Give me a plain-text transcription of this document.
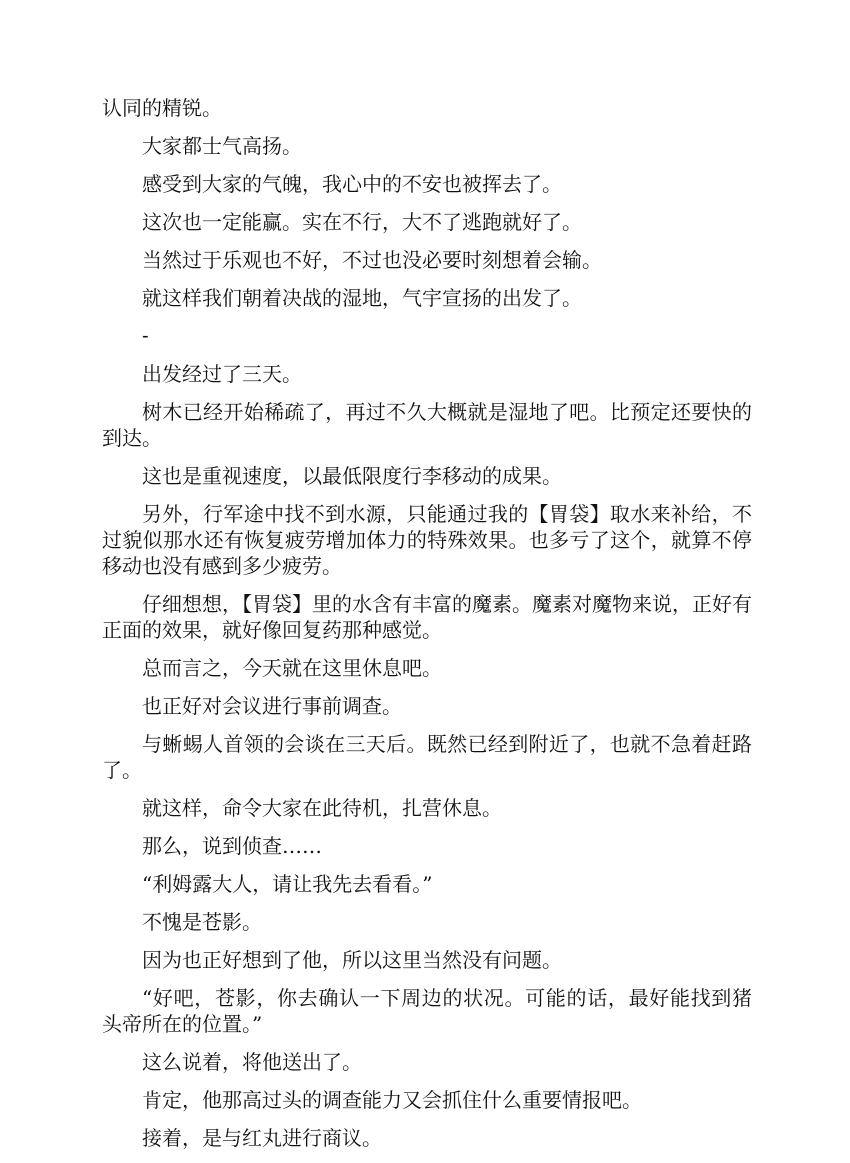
认同的精锐。

大家都士气高扬。

感受到大家的气魄，我心中的不安也被挥去了。

这次也一定能赢。实在不行，大不了逃跑就好了。

当然过于乐观也不好，不过也没必要时刻想着会输。

就这样我们朝着决战的湿地，气宇宣扬的出发了。

-

出发经过了三天。

树木已经开始稀疏了，再过不久大概就是湿地了吧。比预定还要快的到达。

这也是重视速度，以最低限度行李移动的成果。

另外，行军途中找不到水源，只能通过我的【胃袋】取水来补给，不过貌似那水还有恢复疲劳增加体力的特殊效果。也多亏了这个，就算不停移动也没有感到多少疲劳。

仔细想想，【胃袋】里的水含有丰富的魔素。魔素对魔物来说，正好有正面的效果，就好像回复药那种感觉。

总而言之，今天就在这里休息吧。

也正好对会议进行事前调查。

与蜥蜴人首领的会谈在三天后。既然已经到附近了，也就不急着赶路了。

就这样，命令大家在此待机，扎营休息。

那么，说到侦查……

“利姆露大人，请让我先去看看。”

不愧是苍影。

因为也正好想到了他，所以这里当然没有问题。

“好吧，苍影，你去确认一下周边的状况。可能的话，最好能找到猪头帝所在的位置。”

这么说着，将他送出了。

肯定，他那高过头的调查能力又会抓住什么重要情报吧。

接着，是与红丸进行商议。
